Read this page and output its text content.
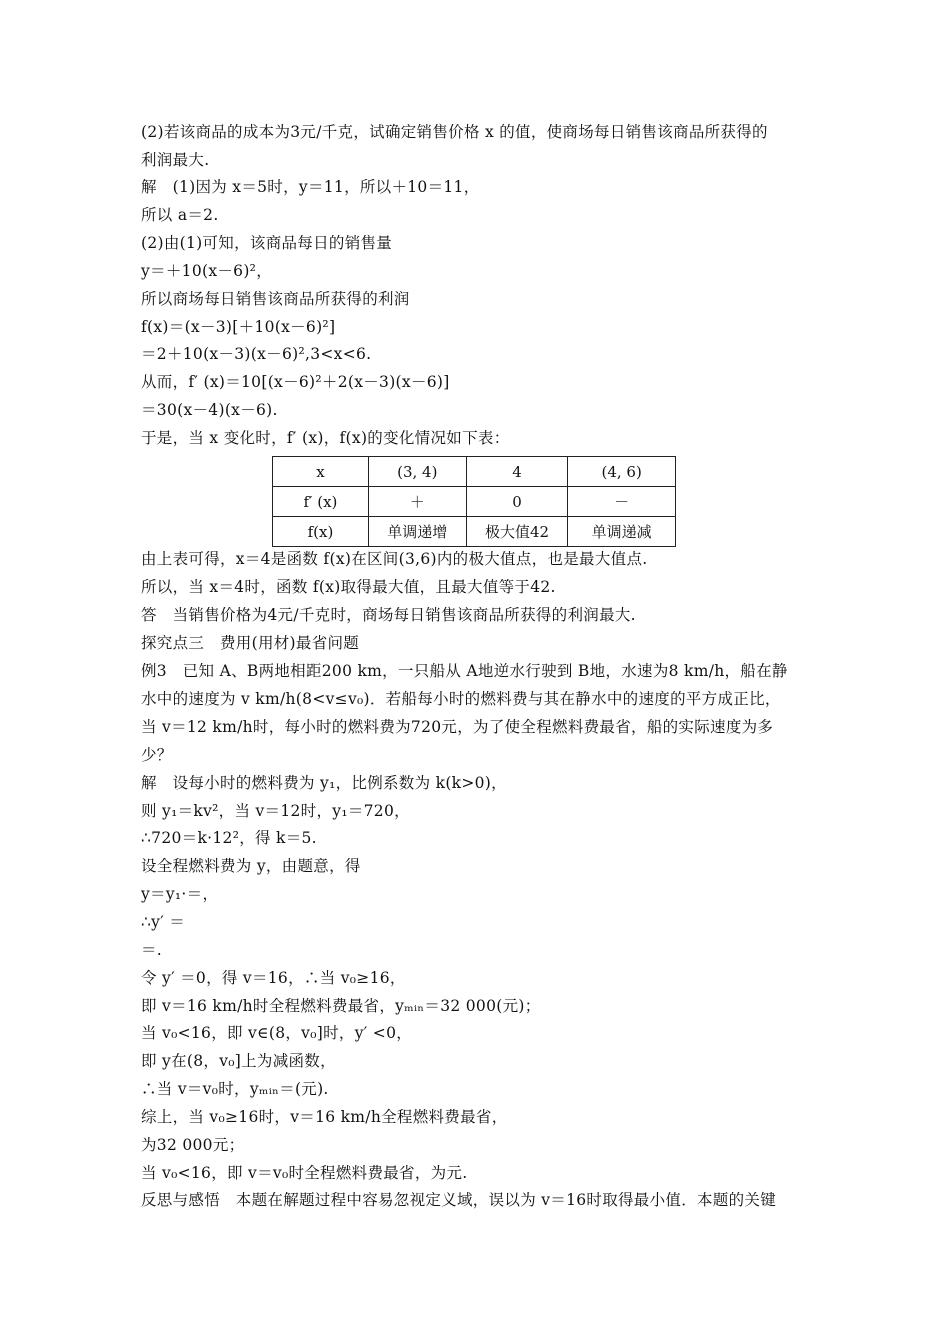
(2)若该商品的成本为3元/千克，试确定销售价格 x 的值，使商场每日销售该商品所获得的
利润最大.
解　(1)因为 x＝5时，y＝11，所以＋10＝11，
所以 a＝2.
(2)由(1)可知，该商品每日的销售量
y＝＋10(x－6)²，
所以商场每日销售该商品所获得的利润
f(x)＝(x－3)[＋10(x－6)²]
＝2＋10(x－3)(x－6)²,3<x<6.
从而，f′ (x)＝10[(x－6)²＋2(x－3)(x－6)]
＝30(x－4)(x－6).
于是，当 x 变化时，f′ (x)，f(x)的变化情况如下表：
x	(3, 4)	4	(4, 6)
f′ (x)	＋	0	－
f(x)	单调递增	极大值42	单调递减
由上表可得，x＝4是函数 f(x)在区间(3,6)内的极大值点，也是最大值点.
所以，当 x＝4时，函数 f(x)取得最大值，且最大值等于42.
答　当销售价格为4元/千克时，商场每日销售该商品所获得的利润最大.
探究点三　费用(用材)最省问题
例3　已知 A、B两地相距200 km，一只船从 A地逆水行驶到 B地，水速为8 km/h，船在静
水中的速度为 v km/h(8<v≤v₀)．若船每小时的燃料费与其在静水中的速度的平方成正比，
当 v＝12 km/h时，每小时的燃料费为720元，为了使全程燃料费最省，船的实际速度为多
少？
解　设每小时的燃料费为 y₁，比例系数为 k(k>0)，
则 y₁＝kv²，当 v＝12时，y₁＝720，
∴720＝k·12²，得 k＝5.
设全程燃料费为 y，由题意，得
y＝y₁·＝，
∴y′ ＝
＝.
令 y′ ＝0，得 v＝16，∴当 v₀≥16，
即 v＝16 km/h时全程燃料费最省，yₘᵢₙ＝32 000(元)；
当 v₀<16，即 v∈(8，v₀]时，y′ <0，
即 y在(8，v₀]上为减函数，
∴当 v＝v₀时，yₘᵢₙ＝(元).
综上，当 v₀≥16时，v＝16 km/h全程燃料费最省，
为32 000元；
当 v₀<16，即 v＝v₀时全程燃料费最省，为元.
反思与感悟　本题在解题过程中容易忽视定义域，误以为 v＝16时取得最小值．本题的关键
